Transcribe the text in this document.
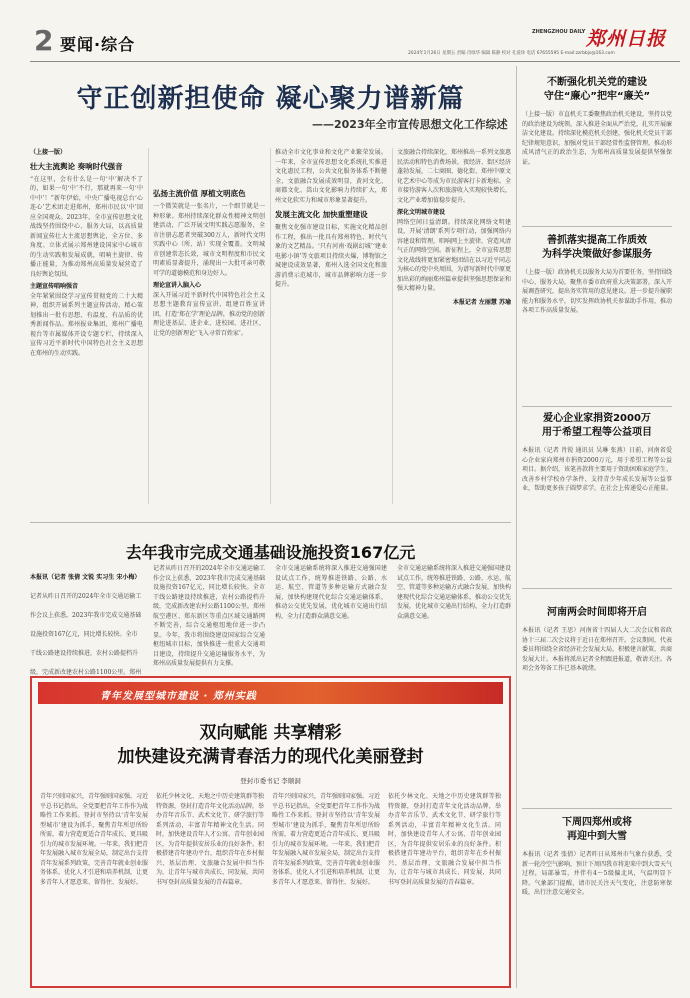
2 要闻·综合
ZHENGZHOU DAILY 郑州日报
2024年1月26日 星期五 责编 肖绿华 编辑 陈静 校对 孔爱珍 电话 67655595 E-mail:zzrbbjs@163.com
守正创新担使命 凝心聚力谱新篇
——2023年全市宣传思想文化工作综述
（上接一版）
壮大主流舆论 奏响时代强音
“在这里，会有什么是一句‘中’解决不了的，如果一句‘中’不行，那就再来一句‘中中中’！”新年伊始，中央广播电视总台‘心连心’艺术团走进郑州，郑州市民以‘中’回应全国观众。2023年，全市宣传思想文化战线坚持围绕中心、服务大局，以高质量新闻宣传壮大主流思想舆论，全方位、多角度、立体式展示郑州建设国家中心城市的生动实践和发展成就，唱响主旋律、传播正能量，为推动郑州高质量发展营造了良好舆论氛围。
主题宣传唱响强音
全年紧紧围绕学习宣传贯彻党的二十大精神，组织开展系列主题宣传活动，精心策划推出一批有思想、有温度、有品质的优秀新闻作品。郑州报业集团、郑州广播电视台等市属媒体开设专题专栏，持续深入宣传习近平新时代中国特色社会主义思想在郑州的生动实践。
弘扬主流价值 厚植文明底色
一个微笑就是一张名片，一个细节就是一种形象。郑州持续深化群众性精神文明创建活动，广泛开展文明实践志愿服务，全市注册志愿者突破300万人，新时代文明实践中心（所、站）实现全覆盖。文明城市创建常态长效，城市文明程度和市民文明素质显著提升，涌现出一大批可亲可敬可学的道德模范和身边好人。
理论宣讲入脑入心
深入开展习近平新时代中国特色社会主义思想主题教育宣传宣讲，组建百姓宣讲团，打造‘郑在学’理论品牌，推动党的创新理论进基层、进企业、进校园、进社区，让党的创新理论‘飞入寻常百姓家’。
推动全市文化事业和文化产业繁荣发展。一年来，全市宣传思想文化系统扎实推进文化惠民工程，公共文化服务体系不断健全，文旅融合发展成效明显，黄河文化、商都文化、嵩山文化影响力持续扩大，郑州文化软实力和城市形象显著提升。
发展主流文化 加快重塑建设
聚焦文化强市建设目标，实施文化精品创作工程，推出一批具有郑州特色、时代气象的文艺精品。‘只有河南·戏剧幻城’‘建业电影小镇’等文旅项目持续火爆，博物馆之城建设成效显著，郑州入选全国文化和旅游消费示范城市，城市品牌影响力进一步提升。
文旅融合持续深化，郑州推出一系列文旅惠民活动和特色消费场景，夜经济、街区经济蓬勃发展，二七商圈、德化街、郑州中原文化艺术中心等成为市民游客打卡新地标。全市接待游客人次和旅游收入实现较快增长，文化产业增加值稳步提升。
深化文明城市建设
网络空间日益清朗。持续深化网络文明建设，开展‘清朗’系列专项行动，加强网络内容建设和管理，唱响网上主旋律，营造风清气正的网络空间。新征程上，全市宣传思想文化战线将更加紧密地团结在以习近平同志为核心的党中央周围，为谱写新时代中原更加出彩的绚丽郑州篇章提供坚强思想保证和强大精神力量。
本报记者 左丽慧 苏瑜
去年我市完成交通基础设施投资167亿元
本报讯（记者 张倩 文锐 实习生 宋小梅） 记者从昨日召开的2024年全市交通运输工作会议上获悉，2023年我市完成交通基础设施投资167亿元，同比增长较快。全市干线公路建设持续推进，农村公路提档升级，完成新改建农村公路1100公里。郑州
记者从昨日召开的2024年全市交通运输工作会议上获悉，2023年我市完成交通基础设施投资167亿元，同比增长较快。全市干线公路建设持续推进，农村公路提档升级，完成新改建农村公路1100公里。郑州航空港区、郑东新区等重点区域交通路网不断完善，综合交通枢纽地位进一步凸显。今年，我市将围绕建设国家综合交通枢纽城市目标，加快推进一批重大交通项目建设，持续提升交通运输服务水平，为郑州高质量发展提供有力支撑。
全市交通运输系统将深入推进交通强国建设试点工作，统筹推进铁路、公路、水运、航空、管道等多种运输方式融合发展，加快构建现代化综合交通运输体系，推动公交优先发展，优化城市交通出行结构，全力打造群众满意交通。
全市交通运输系统将深入推进交通强国建设试点工作，统筹推进铁路、公路、水运、航空、管道等多种运输方式融合发展，加快构建现代化综合交通运输体系，推动公交优先发展，优化城市交通出行结构，全力打造群众满意交通。
青年发展型城市建设 · 郑州实践
双向赋能 共享精彩
加快建设充满青春活力的现代化美丽登封
登封市委书记 李顺洞
青年兴则国家兴，青年强则国家强。习近平总书记指出，全党要把青年工作作为战略性工作来抓。登封市坚持以‘青年发展型城市’建设为抓手，聚焦青年所思所盼所需，着力营造更适合青年成长、更具吸引力的城市发展环境。一年来，我们把青年发展融入城市发展全局，制定出台支持青年发展系列政策，完善青年就业创业服务体系，优化人才引进和培养机制，让更多青年人才愿意来、留得住、发展好。
依托少林文化、天地之中历史建筑群等独特资源，登封打造青年文化活动品牌，举办青年音乐节、武术文化节、研学旅行等系列活动，丰富青年精神文化生活。同时，加快建设青年人才公寓、青年创业园区，为青年提供安居乐业的良好条件。积极搭建青年建功平台，组织青年在乡村振兴、基层治理、文旅融合发展中担当作为，让青年与城市共成长、同发展，共同书写登封高质量发展的青春篇章。
青年兴则国家兴，青年强则国家强。习近平总书记指出，全党要把青年工作作为战略性工作来抓。登封市坚持以‘青年发展型城市’建设为抓手，聚焦青年所思所盼所需，着力营造更适合青年成长、更具吸引力的城市发展环境。一年来，我们把青年发展融入城市发展全局，制定出台支持青年发展系列政策，完善青年就业创业服务体系，优化人才引进和培养机制，让更多青年人才愿意来、留得住、发展好。
依托少林文化、天地之中历史建筑群等独特资源，登封打造青年文化活动品牌，举办青年音乐节、武术文化节、研学旅行等系列活动，丰富青年精神文化生活。同时，加快建设青年人才公寓、青年创业园区，为青年提供安居乐业的良好条件。积极搭建青年建功平台，组织青年在乡村振兴、基层治理、文旅融合发展中担当作为，让青年与城市共成长、同发展，共同书写登封高质量发展的青春篇章。
不断强化机关党的建设
守住“廉心”把牢“廉关”
（上接一版）市直机关工委聚焦政治机关建设，坚持以党的政治建设为统领，深入推进全面从严治党，扎实开展廉洁文化建设。持续深化模范机关创建，强化机关党员干部纪律规矩意识，加强对党员干部经常性监督管理，推动形成风清气正的政治生态，为郑州高质量发展提供坚强保证。
善抓落实提高工作质效
为科学决策做好参谋服务
（上接一版）政协机关以服务大局为首要任务，坚持围绕中心、服务大局，聚焦市委市政府重大决策部署，深入开展调查研究，提出务实管用的意见建议。进一步提升履职能力和服务水平，切实发挥政协机关参谋助手作用，推动各项工作高质量发展。
爱心企业家捐资2000万
用于希望工程等公益项目
本报讯（记者 肖锐 通讯员 吴琳 张燕）日前，河南省爱心企业家向郑州市捐资2000万元，用于希望工程等公益项目。据介绍，该笔善款将主要用于资助困难家庭学生、改善乡村学校办学条件、支持青少年成长发展等公益事业，帮助更多孩子圆梦求学，在社会上传递爱心正能量。
河南两会时间即将开启
本报讯（记者 王思）河南省十四届人大二次会议和省政协十三届二次会议将于近日在郑州召开。会议期间，代表委员将围绕全省经济社会发展大局，积极建言献策，共商发展大计。本报将派出记者全程跟进报道，敬请关注。各项会务筹备工作已基本就绪。
下周四郑州或将
再迎中到大雪
本报讯（记者 张倩）记者昨日从郑州市气象台获悉，受新一轮冷空气影响，预计下周四我市将迎来中到大雪天气过程，局部暴雪，并伴有4～5级偏北风，气温明显下降。气象部门提醒，请市民关注天气变化，注意防寒保暖，出行注意交通安全。
